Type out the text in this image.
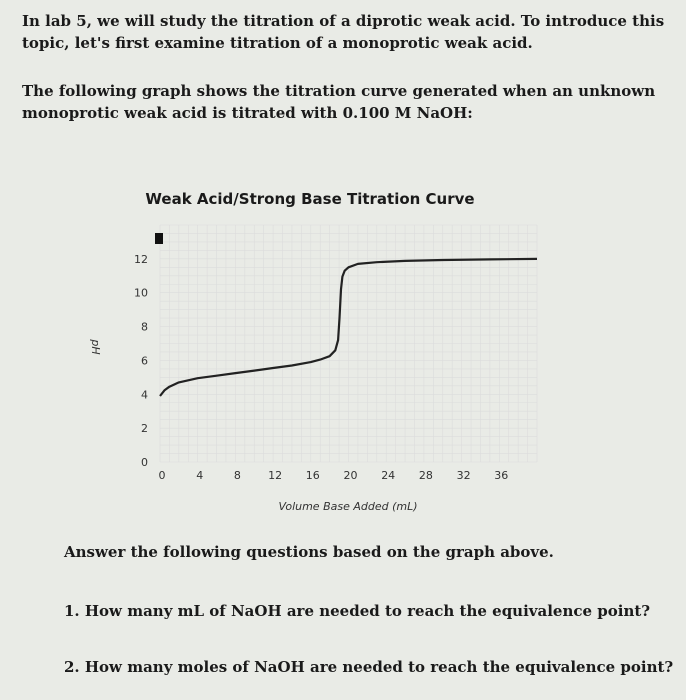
In lab 5, we will study the titration of a diprotic weak acid. To introduce this topic, let's first examine titration of a monoprotic weak acid.
The following graph shows the titration curve generated when an unknown monoprotic weak acid is titrated with 0.100 M NaOH:
Weak Acid/Strong Base Titration Curve
0
2
4
6
8
10
12
0	4	8 12 16 20 24 28 32 36
pH
Volume Base Added (mL)
Answer the following questions based on the graph above.
1. How many mL of NaOH are needed to reach the equivalence point?
2. How many moles of NaOH are needed to reach the equivalence point?
